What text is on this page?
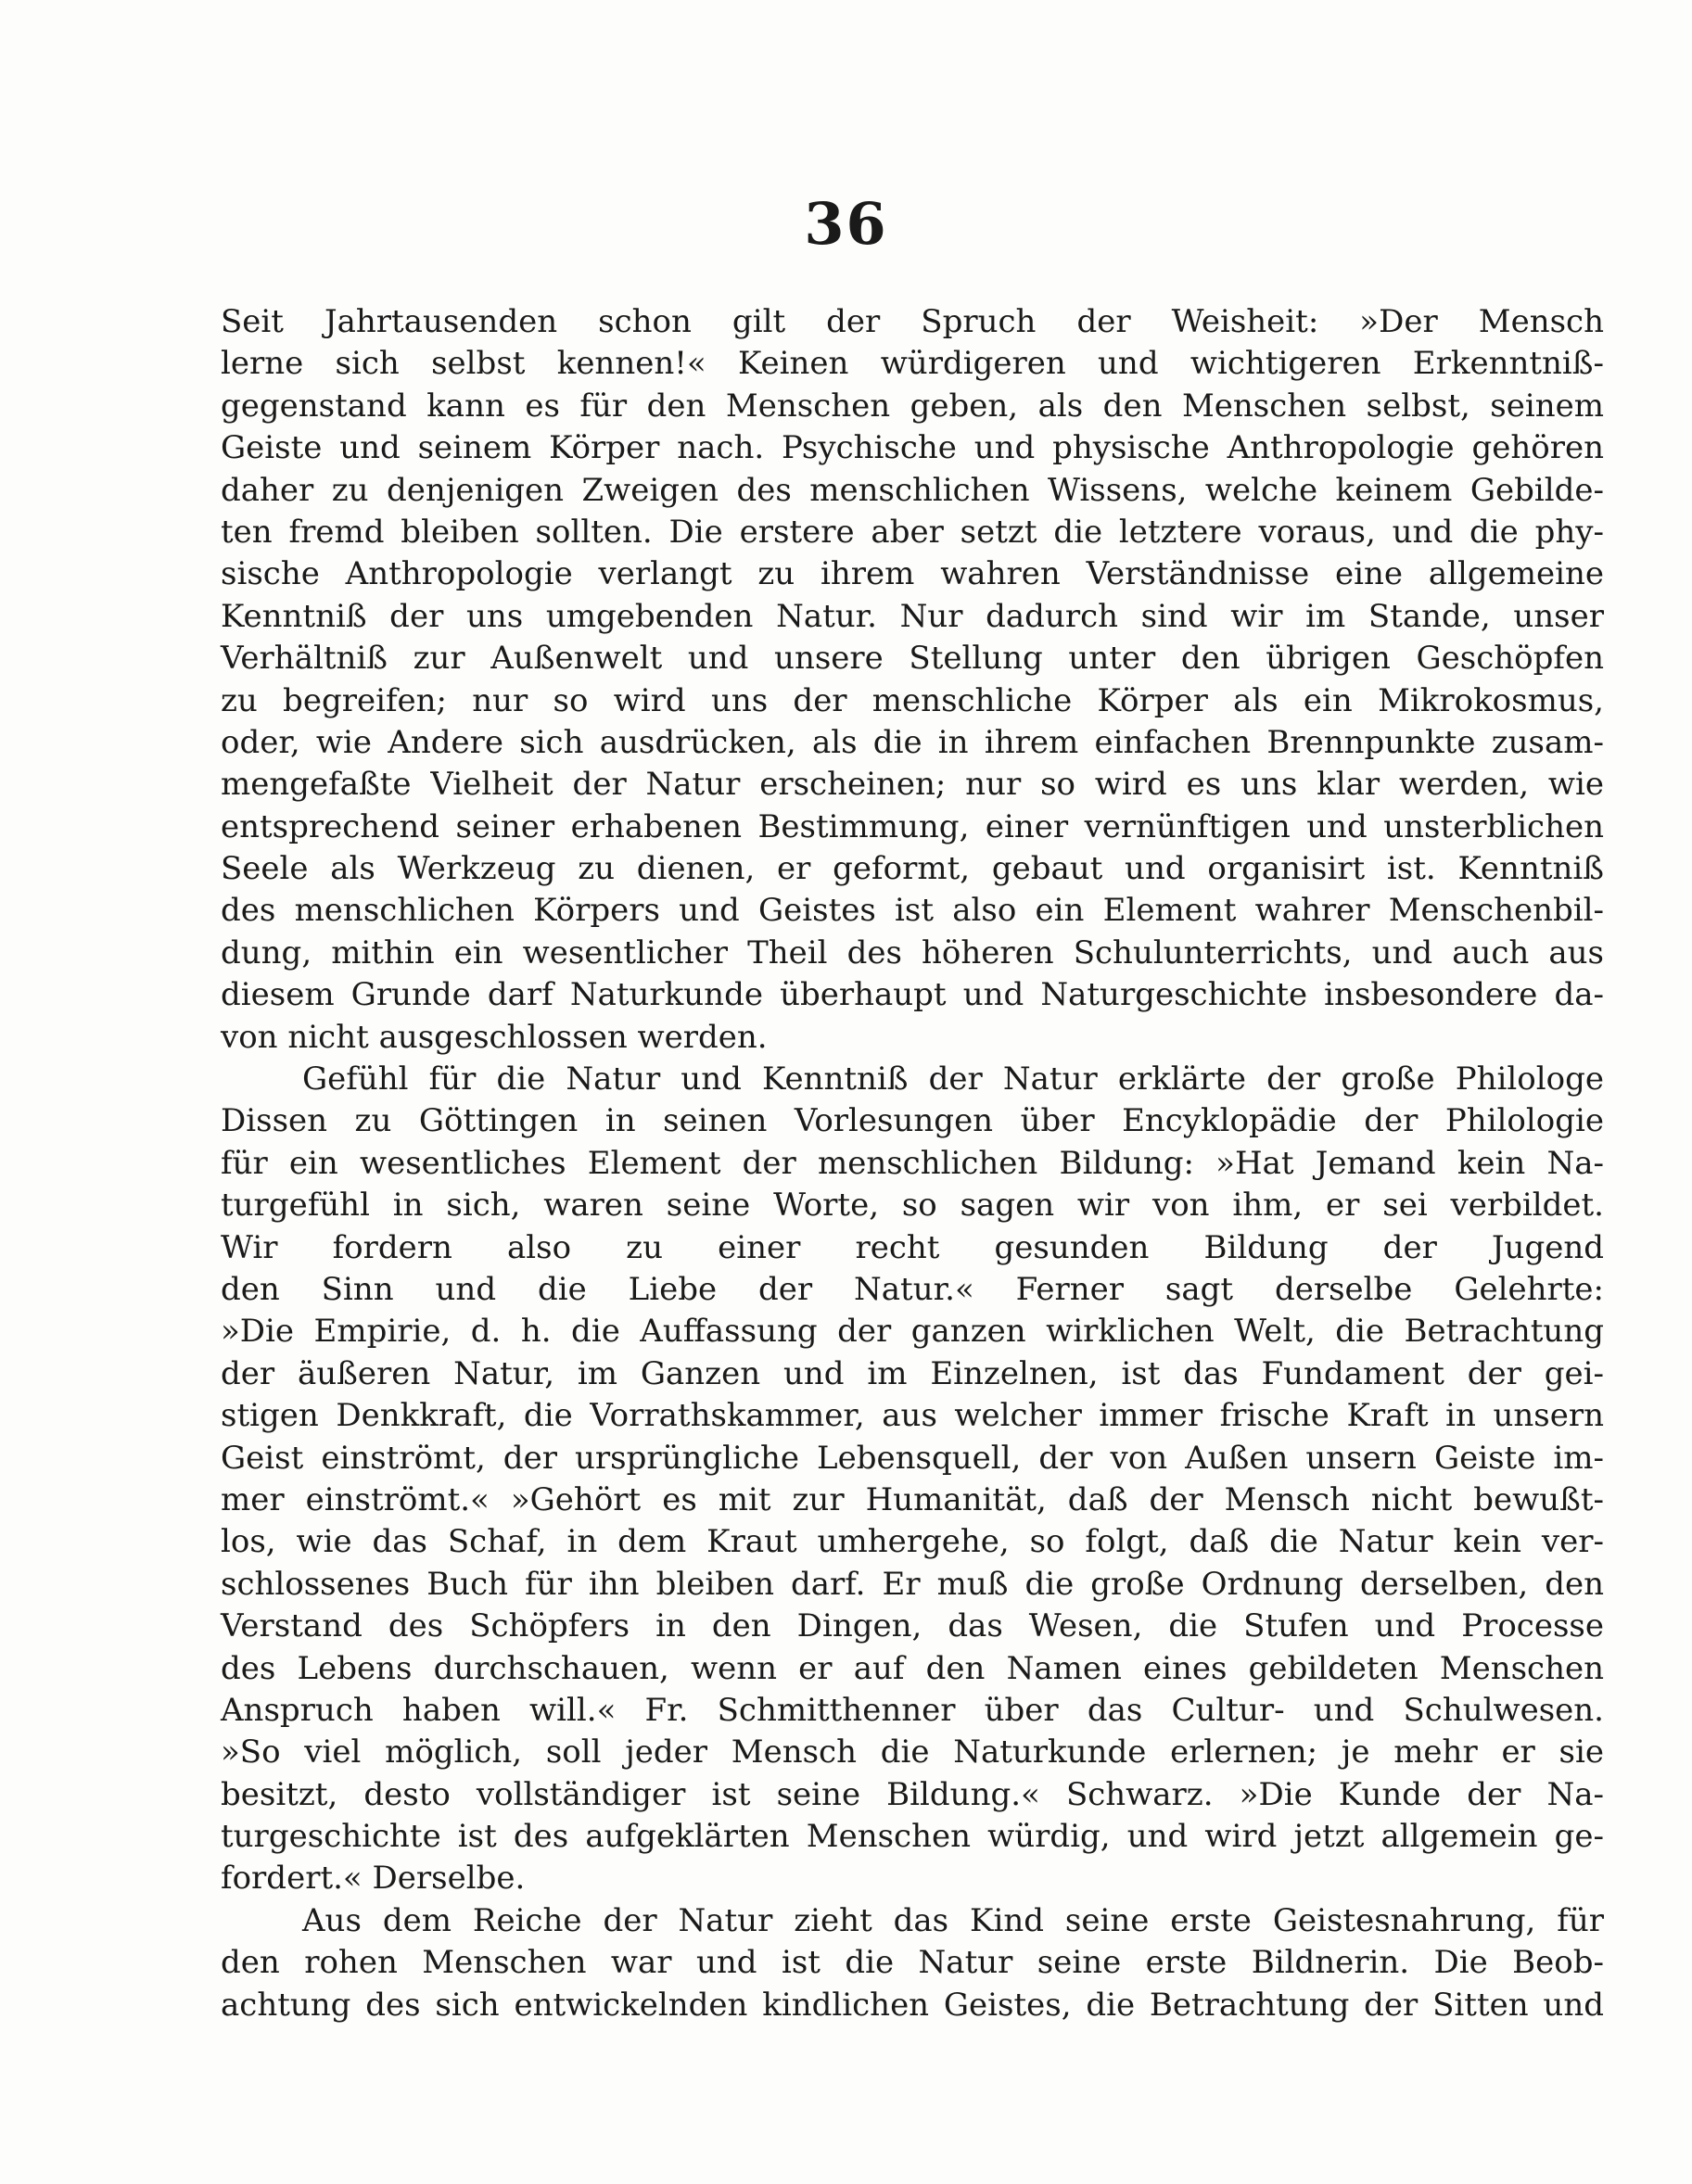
36
Seit Jahrtausenden schon gilt der Spruch der Weisheit: »Der Mensch
lerne sich selbst kennen!« Keinen würdigeren und wichtigeren Erkenntniß-
gegenstand kann es für den Menschen geben, als den Menschen selbst, seinem
Geiste und seinem Körper nach. Psychische und physische Anthropologie gehören
daher zu denjenigen Zweigen des menschlichen Wissens, welche keinem Gebilde-
ten fremd bleiben sollten. Die erstere aber setzt die letztere voraus, und die phy-
sische Anthropologie verlangt zu ihrem wahren Verständnisse eine allgemeine
Kenntniß der uns umgebenden Natur. Nur dadurch sind wir im Stande, unser
Verhältniß zur Außenwelt und unsere Stellung unter den übrigen Geschöpfen
zu begreifen; nur so wird uns der menschliche Körper als ein Mikrokosmus,
oder, wie Andere sich ausdrücken, als die in ihrem einfachen Brennpunkte zusam-
mengefaßte Vielheit der Natur erscheinen; nur so wird es uns klar werden, wie
entsprechend seiner erhabenen Bestimmung, einer vernünftigen und unsterblichen
Seele als Werkzeug zu dienen, er geformt, gebaut und organisirt ist. Kenntniß
des menschlichen Körpers und Geistes ist also ein Element wahrer Menschenbil-
dung, mithin ein wesentlicher Theil des höheren Schulunterrichts, und auch aus
diesem Grunde darf Naturkunde überhaupt und Naturgeschichte insbesondere da-
von nicht ausgeschlossen werden.
Gefühl für die Natur und Kenntniß der Natur erklärte der große Philologe
Dissen zu Göttingen in seinen Vorlesungen über Encyklopädie der Philologie
für ein wesentliches Element der menschlichen Bildung: »Hat Jemand kein Na-
turgefühl in sich, waren seine Worte, so sagen wir von ihm, er sei verbildet.
Wir fordern also zu einer recht gesunden Bildung der Jugend
den Sinn und die Liebe der Natur.« Ferner sagt derselbe Gelehrte:
»Die Empirie, d. h. die Auffassung der ganzen wirklichen Welt, die Betrachtung
der äußeren Natur, im Ganzen und im Einzelnen, ist das Fundament der gei-
stigen Denkkraft, die Vorrathskammer, aus welcher immer frische Kraft in unsern
Geist einströmt, der ursprüngliche Lebensquell, der von Außen unsern Geiste im-
mer einströmt.« »Gehört es mit zur Humanität, daß der Mensch nicht bewußt-
los, wie das Schaf, in dem Kraut umhergehe, so folgt, daß die Natur kein ver-
schlossenes Buch für ihn bleiben darf. Er muß die große Ordnung derselben, den
Verstand des Schöpfers in den Dingen, das Wesen, die Stufen und Processe
des Lebens durchschauen, wenn er auf den Namen eines gebildeten Menschen
Anspruch haben will.« Fr. Schmitthenner über das Cultur- und Schulwesen.
»So viel möglich, soll jeder Mensch die Naturkunde erlernen; je mehr er sie
besitzt, desto vollständiger ist seine Bildung.« Schwarz. »Die Kunde der Na-
turgeschichte ist des aufgeklärten Menschen würdig, und wird jetzt allgemein ge-
fordert.« Derselbe.
Aus dem Reiche der Natur zieht das Kind seine erste Geistesnahrung, für
den rohen Menschen war und ist die Natur seine erste Bildnerin. Die Beob-
achtung des sich entwickelnden kindlichen Geistes, die Betrachtung der Sitten und
